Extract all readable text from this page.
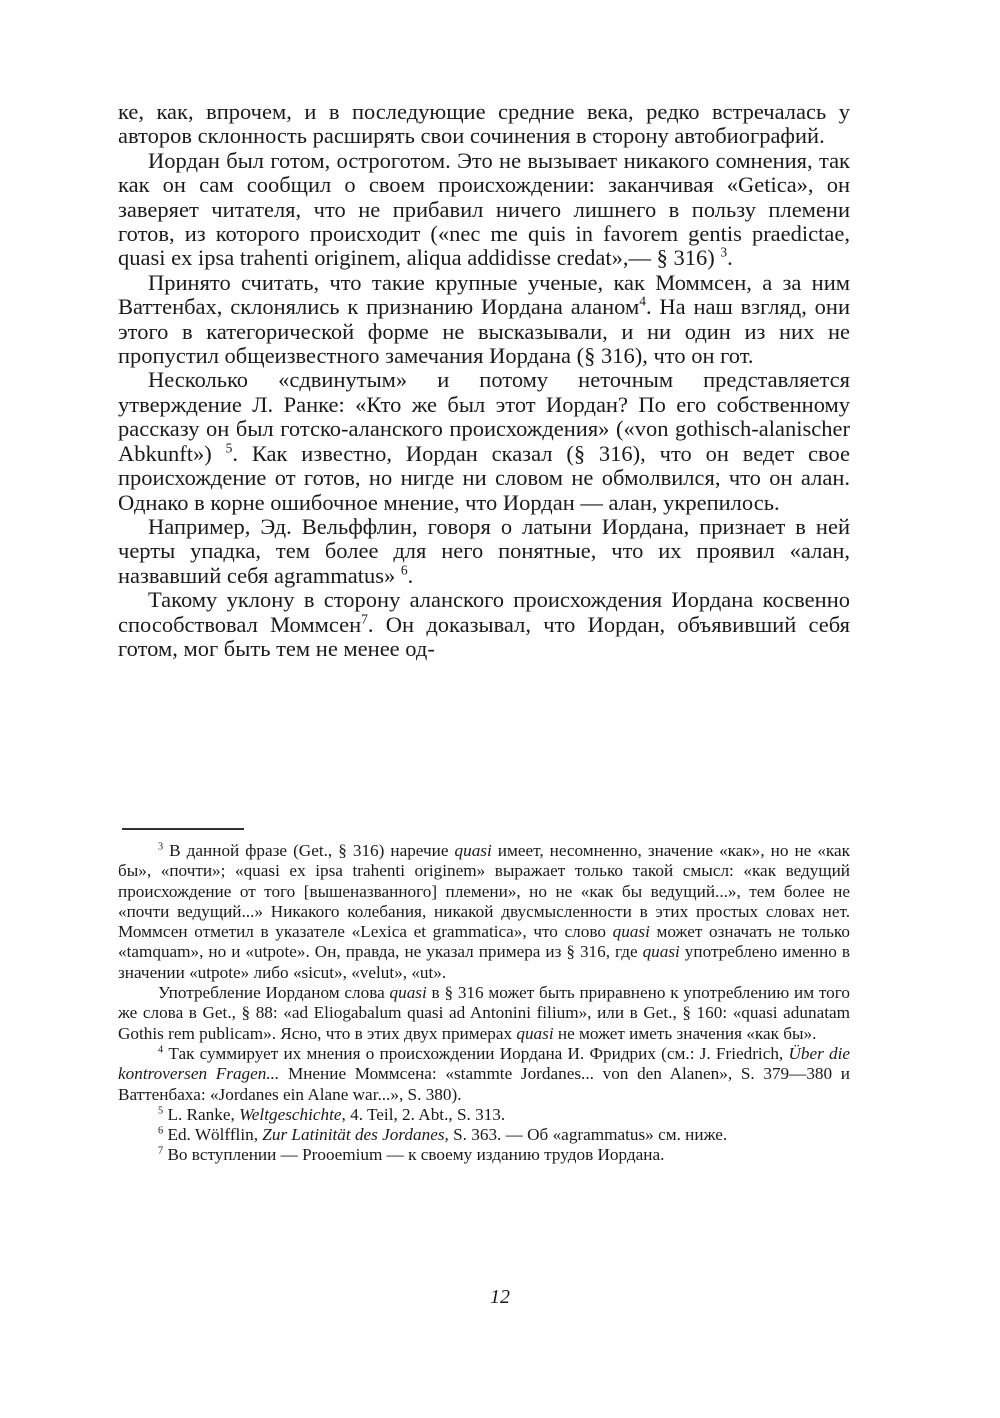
ке, как, впрочем, и в последующие средние века, редко встречалась у авторов склонность расширять свои сочинения в сторону автобиографий.

Иордан был готом, остроготом. Это не вызывает никакого сомнения, так как он сам сообщил о своем происхождении: заканчивая «Getica», он заверяет читателя, что не прибавил ничего лишнего в пользу племени готов, из которого происходит («nec me quis in favorem gentis praedictae, quasi ex ipsa trahenti originem, aliqua addidisse credat»,— § 316) $^3$.

Принято считать, что такие крупные ученые, как Моммсен, а за ним Ваттенбах, склонялись к признанию Иордана аланом$^4$. На наш взгляд, они этого в категорической форме не высказывали, и ни один из них не пропустил общеизвестного замечания Иордана (§ 316), что он гот.

Несколько «сдвинутым» и потому неточным представляется утверждение Л. Ранке: «Кто же был этот Иордан? По его собственному рассказу он был готско-аланского происхождения» («von gothisch-alanischer Abkunft») $^5$. Как известно, Иордан сказал (§ 316), что он ведет свое происхождение от готов, но нигде ни словом не обмолвился, что он алан. Однако в корне ошибочное мнение, что Иордан — алан, укрепилось.

Например, Эд. Вельффлин, говоря о латыни Иордана, признает в ней черты упадка, тем более для него понятные, что их проявил «алан, назвавший себя agrammatus» $^6$.

Такому уклону в сторону аланского происхождения Иордана косвенно способствовал Моммсен$^7$. Он доказывал, что Иордан, объявивший себя готом, мог быть тем не менее од-

$^3$ В данной фразе (Get., § 316) наречие quasi имеет, несомненно, значение «как», но не «как бы», «почти»; «quasi ex ipsa trahenti originem» выражает только такой смысл: «как ведущий происхождение от того [вышеназванного] племени», но не «как бы ведущий...», тем более не «почти ведущий...» Никакого колебания, никакой двусмысленности в этих простых словах нет. Моммсен отметил в указателе «Lexica et grammatica», что слово quasi может означать не только «tamquam», но и «utpote». Он, правда, не указал примера из § 316, где quasi употреблено именно в значении «utpote» либо «sicut», «velut», «ut».

Употребление Иорданом слова quasi в § 316 может быть приравнено к употреблению им того же слова в Get., § 88: «ad Eliogabalum quasi ad Antonini filium», или в Get., § 160: «quasi adunatam Gothis rem publicam». Ясно, что в этих двух примерах quasi не может иметь значения «как бы».

$^4$ Так суммирует их мнения о происхождении Иордана И. Фридрих (см.: J. Friedrich, Über die kontroversen Fragen... Мнение Моммсена: «stammte Jordanes... von den Alanen», S. 379—380 и Ваттенбаха: «Jordanes ein Alane war...», S. 380).

$^5$ L. Ranke, Weltgeschichte, 4. Teil, 2. Abt., S. 313.

$^6$ Ed. Wölfflin, Zur Latinität des Jordanes, S. 363. — Об «agrammatus» см. ниже.

$^7$ Во вступлении — Prooemium — к своему изданию трудов Иордана.

12
